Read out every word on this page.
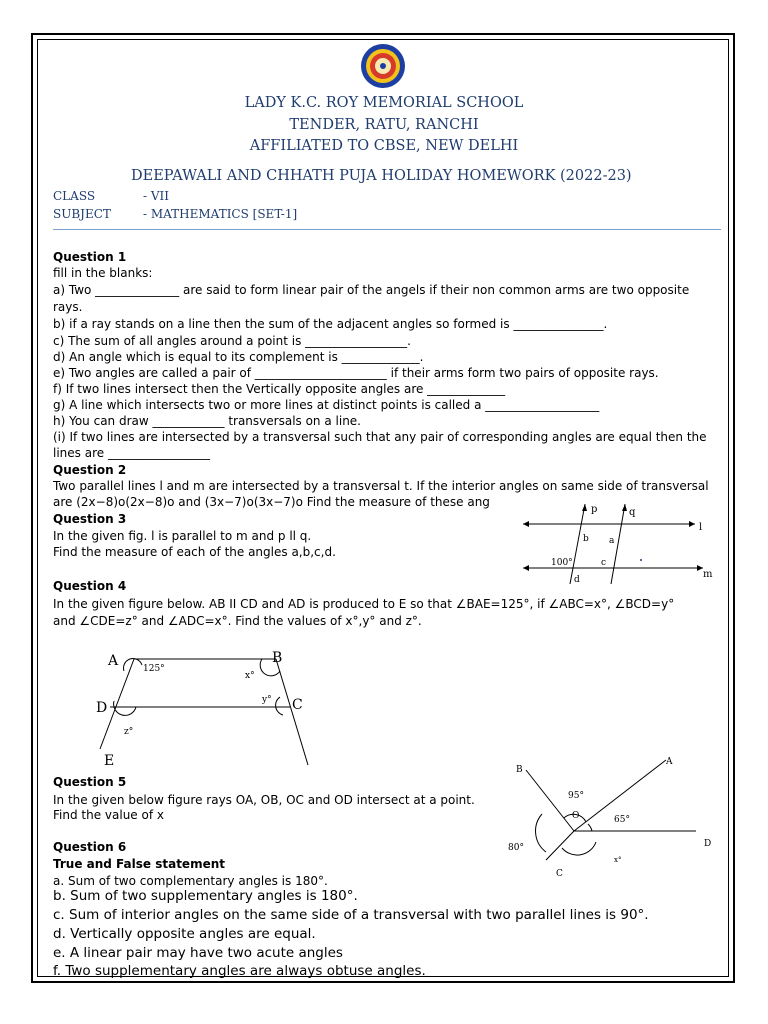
LADY K.C. ROY MEMORIAL SCHOOL
TENDER, RATU, RANCHI
AFFILIATED TO CBSE, NEW DELHI
DEEPAWALI AND CHHATH PUJA HOLIDAY HOMEWORK (2022-23)
CLASS	- VII
SUBJECT	- MATHEMATICS [SET-1]
Question 1
fill in the blanks:
a) Two ______________ are said to form linear pair of the angels if their non common arms are two opposite
rays.
b) if a ray stands on a line then the sum of the adjacent angles so formed is _______________.
c) The sum of all angles around a point is _________________.
d) An angle which is equal to its complement is _____________.
e) Two angles are called a pair of ______________________ if their arms form two pairs of opposite rays.
f) If two lines intersect then the Vertically opposite angles are _____________
g) A line which intersects two or more lines at distinct points is called a ___________________
h) You can draw ____________ transversals on a line.
(i) If two lines are intersected by a transversal such that any pair of corresponding angles are equal then the
lines are _________________
Question 2
Two parallel lines l and m are intersected by a transversal t. If the interior angles on same side of transversal
are (2x−8)o(2x−8)o and (3x−7)o(3x−7)o Find the measure of these ang
Question 3
In the given fig. l is parallel to m and p ll q.
Find the measure of each of the angles a,b,c,d.
p	q
l
m
b a
100°	c
d
Question 4
In the given figure below. AB II CD and AD is produced to E so that ∠BAE=125°, if ∠ABC=x°, ∠BCD=y°
and ∠CDE=z° and ∠ADC=x°. Find the values of x°,y° and z°.
A	125°
B
x°
y° C
D
z°
E
Question 5
In the given below figure rays OA, OB, OC and OD intersect at a point.
Find the value of x
B
A
95°
O	65°
D
80°
x°
C
Question 6
True and False statement
a. Sum of two complementary angles is 180°.
b. Sum of two supplementary angles is 180°.
c. Sum of interior angles on the same side of a transversal with two parallel lines is 90°.
d. Vertically opposite angles are equal.
e. A linear pair may have two acute angles
f. Two supplementary angles are always obtuse angles.
